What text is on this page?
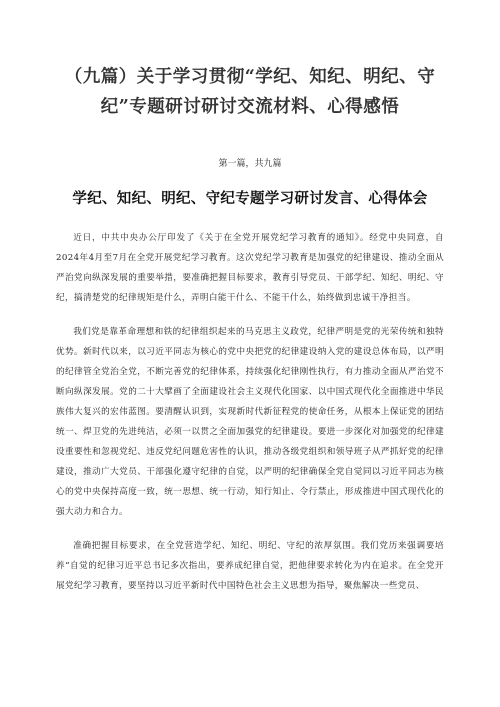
（九篇）关于学习贯彻“学纪、知纪、明纪、守纪”专题研讨研讨交流材料、心得感悟
第一篇，共九篇
学纪、知纪、明纪、守纪专题学习研讨发言、心得体会

近日，中共中央办公厅印发了《关于在全党开展党纪学习教育的通知》。经党中央同意，自2024年4月至7月在全党开展党纪学习教育。这次党纪学习教育是加强党的纪律建设、推动全面从严治党向纵深发展的重要举措，要准确把握目标要求，教育引导党员、干部学纪、知纪、明纪、守纪，搞清楚党的纪律规矩是什么，弄明白能干什么、不能干什么，始终做到忠诚干净担当。

我们党是靠革命理想和铁的纪律组织起来的马克思主义政党，纪律严明是党的光荣传统和独特优势。新时代以来，以习近平同志为核心的党中央把党的纪律建设纳入党的建设总体布局，以严明的纪律管全党治全党，不断完善党的纪律体系，持续强化纪律刚性执行，有力推动全面从严治党不断向纵深发展。党的二十大擘画了全面建设社会主义现代化国家、以中国式现代化全面推进中华民族伟大复兴的宏伟蓝图。要清醒认识到，实现新时代新征程党的使命任务，从根本上保证党的团结统一、焊卫党的先进纯洁，必须一以贯之全面加强党的纪律建设。要进一步深化对加强党的纪律建设重要性和忽视党纪、违反党纪问题危害性的认识，推动各级党组织和领导班子从严抓好党的纪律建设，推动广大党员、干部强化遵守纪律的自觉，以严明的纪律确保全党自觉同以习近平同志为核心的党中央保持高度一致，统一思想、统一行动，知行知止、令行禁止，形成推进中国式现代化的强大动力和合力。

准确把握目标要求，在全党营造学纪、知纪、明纪、守纪的浓厚氛围。我们党历来强调要培养“自觉的纪律习近平总书记多次指出，要养成纪律自觉，把他律要求转化为内在追求。在全党开展党纪学习教育，要坚持以习近平新时代中国特色社会主义思想为指导，聚焦解决一些党员、
